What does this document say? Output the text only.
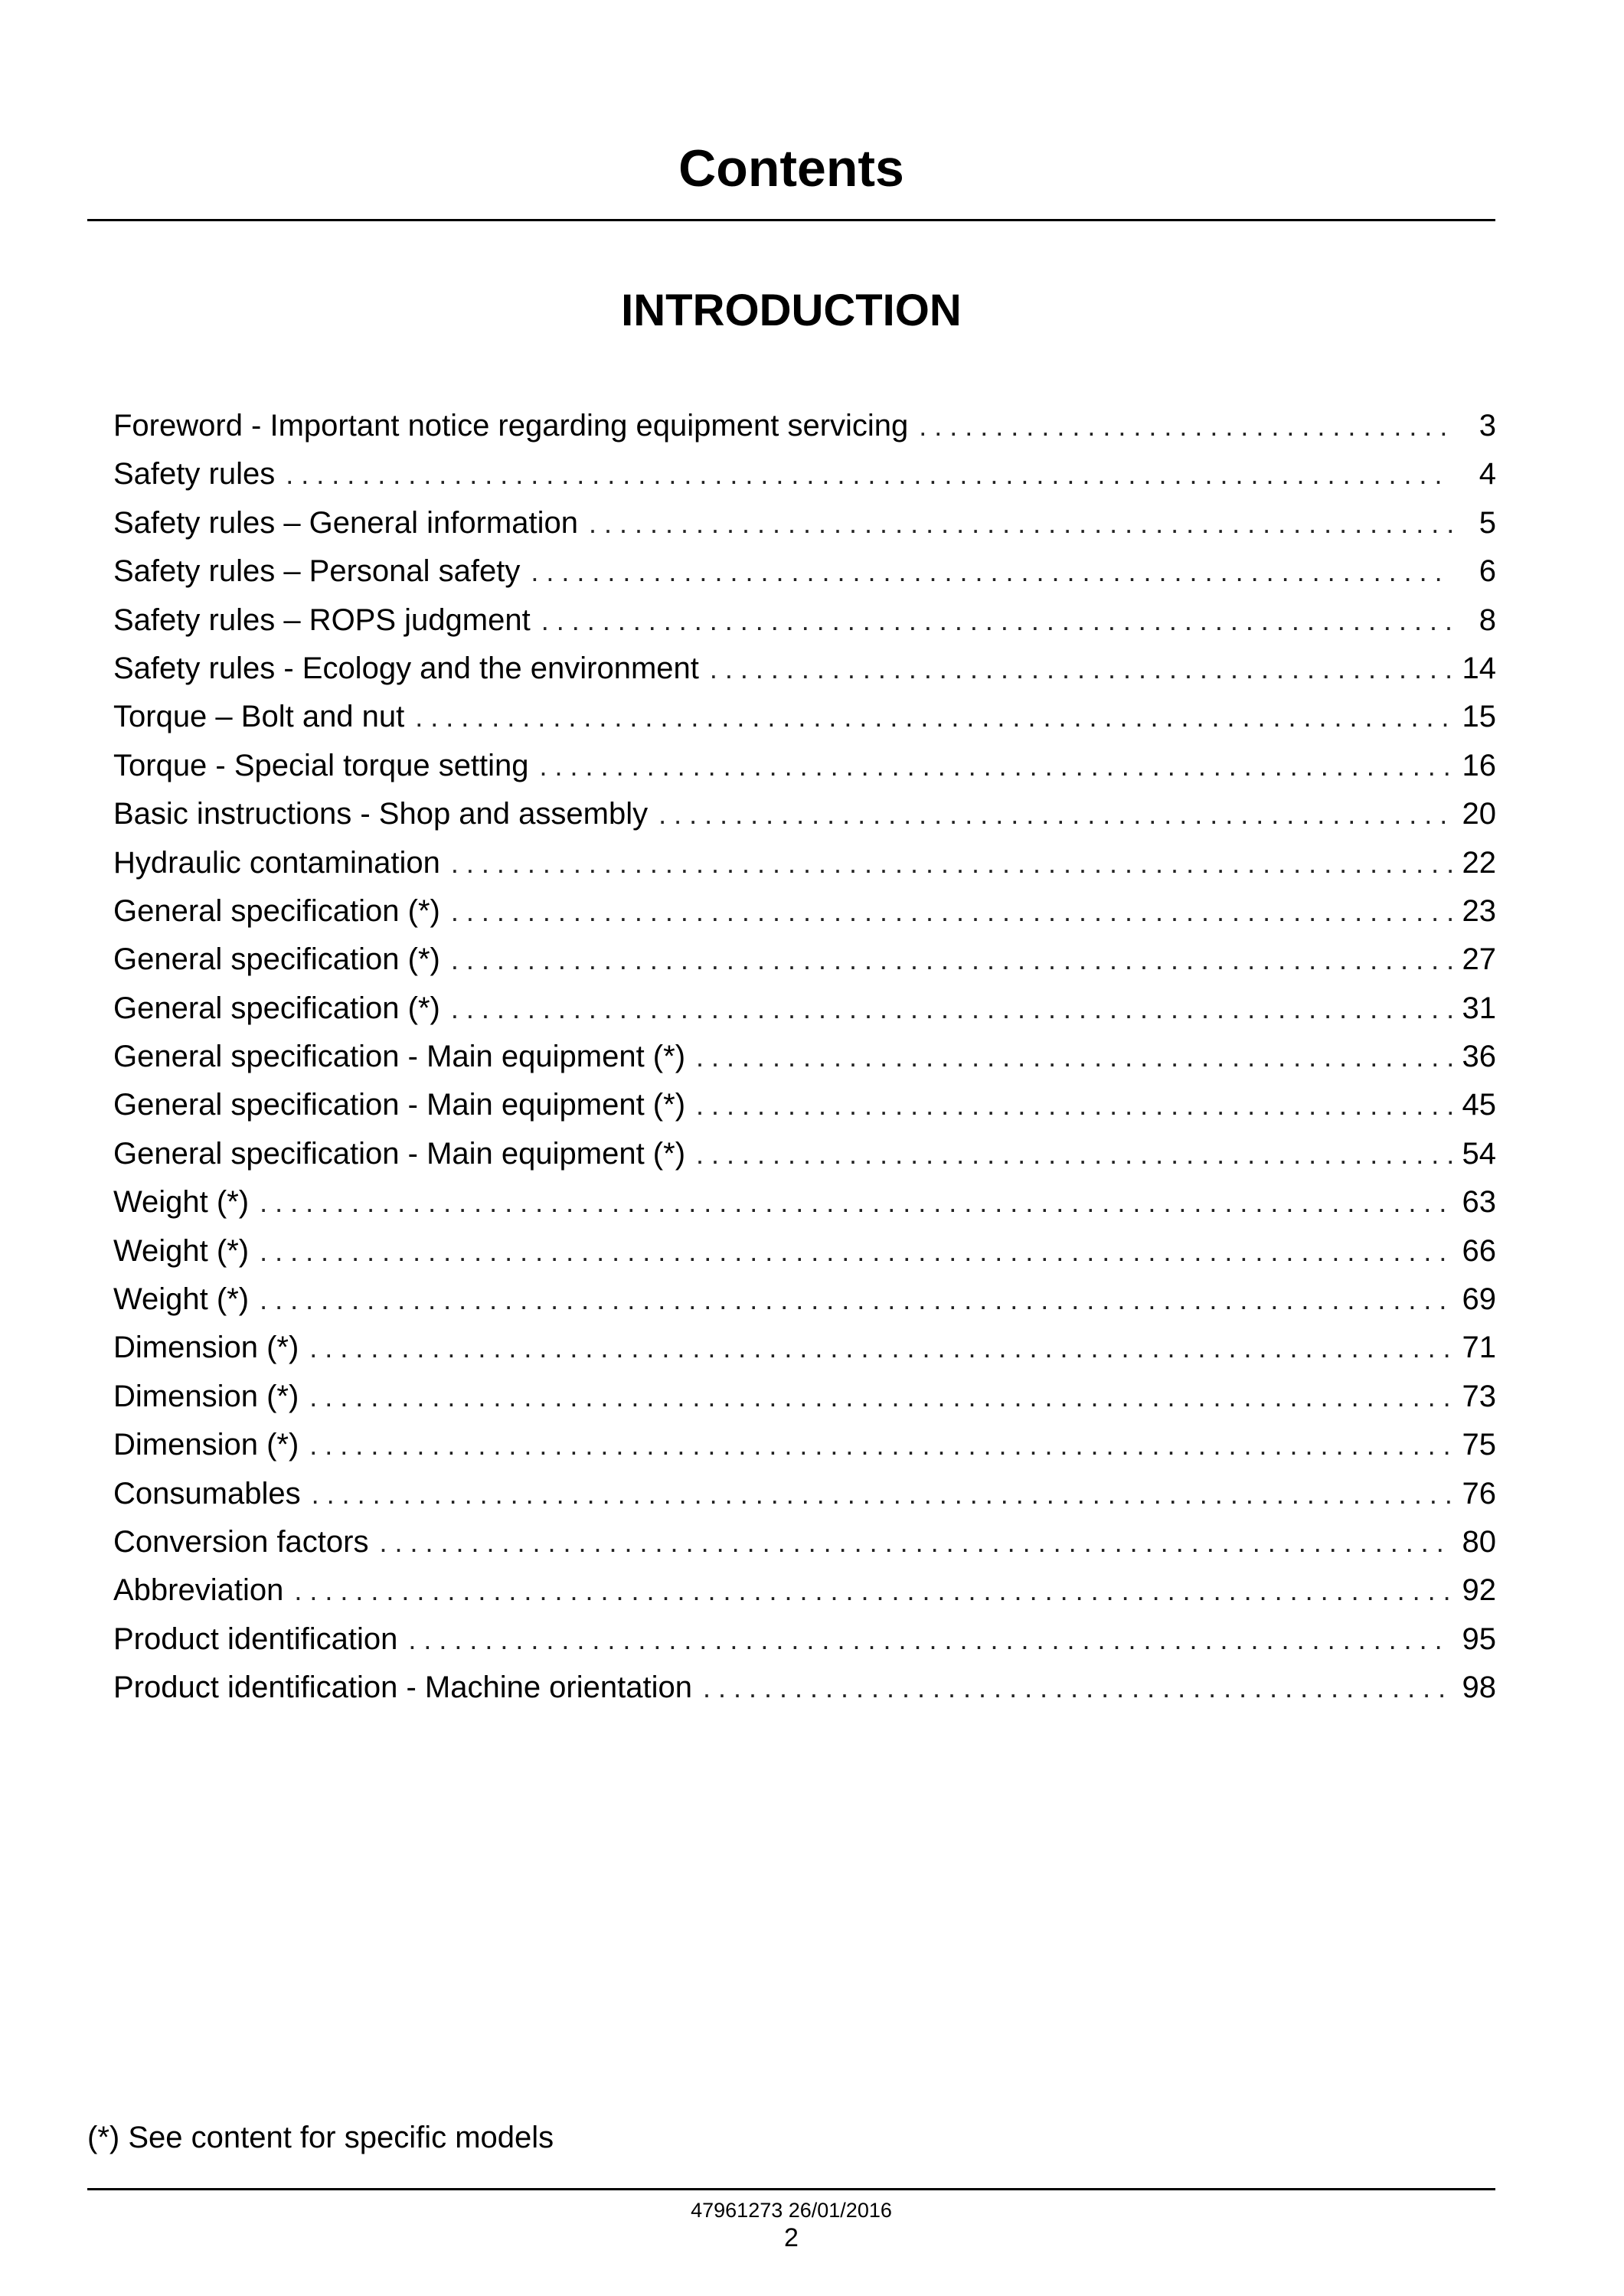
Contents
INTRODUCTION
Foreword - Important notice regarding equipment servicing . . .	3
Safety rules . . .	4
Safety rules – General information . . .	5
Safety rules – Personal safety . . .	6
Safety rules – ROPS judgment . . .	8
Safety rules - Ecology and the environment . . .	14
Torque – Bolt and nut . . .	15
Torque - Special torque setting . . .	16
Basic instructions - Shop and assembly . . .	20
Hydraulic contamination . . .	22
General specification (*) . . .	23
General specification (*) . . .	27
General specification (*) . . .	31
General specification - Main equipment (*) . . .	36
General specification - Main equipment (*) . . .	45
General specification - Main equipment (*) . . .	54
Weight (*) . . .	63
Weight (*) . . .	66
Weight (*) . . .	69
Dimension (*) . . .	71
Dimension (*) . . .	73
Dimension (*) . . .	75
Consumables . . .	76
Conversion factors . . .	80
Abbreviation . . .	92
Product identification . . .	95
Product identification - Machine orientation . . .	98
(*) See content for specific models
47961273 26/01/2016
2
